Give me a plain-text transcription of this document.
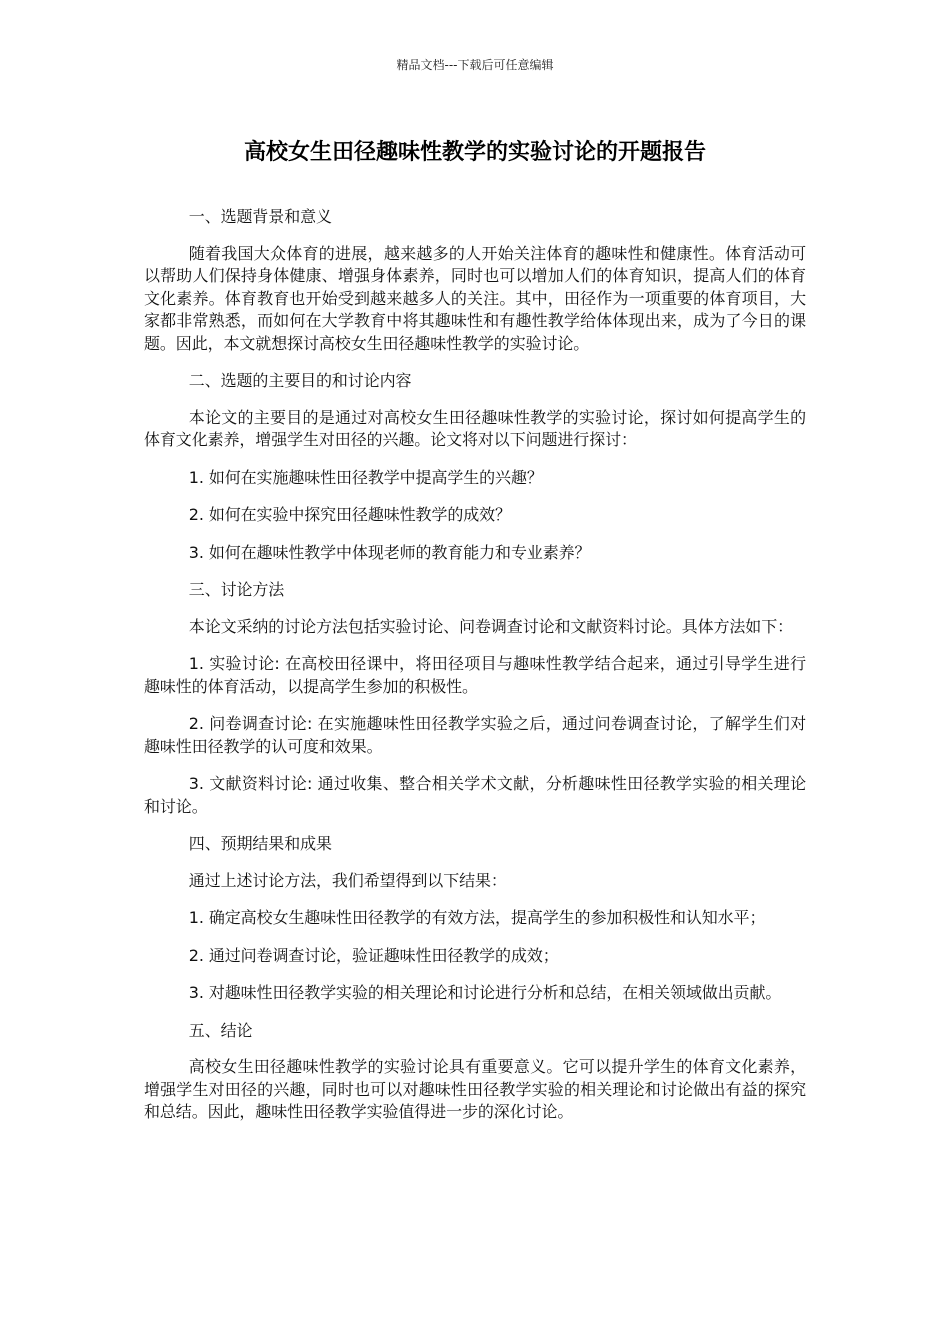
精品文档---下载后可任意编辑
高校女生田径趣味性教学的实验讨论的开题报告

一、选题背景和意义

随着我国大众体育的进展，越来越多的人开始关注体育的趣味性和健康性。体育活动可以帮助人们保持身体健康、增强身体素养，同时也可以增加人们的体育知识，提高人们的体育文化素养。体育教育也开始受到越来越多人的关注。其中，田径作为一项重要的体育项目，大家都非常熟悉，而如何在大学教育中将其趣味性和有趣性教学给体体现出来，成为了今日的课题。因此，本文就想探讨高校女生田径趣味性教学的实验讨论。

二、选题的主要目的和讨论内容

本论文的主要目的是通过对高校女生田径趣味性教学的实验讨论，探讨如何提高学生的体育文化素养，增强学生对田径的兴趣。论文将对以下问题进行探讨：

1. 如何在实施趣味性田径教学中提高学生的兴趣？

2. 如何在实验中探究田径趣味性教学的成效？

3. 如何在趣味性教学中体现老师的教育能力和专业素养？

三、讨论方法

本论文采纳的讨论方法包括实验讨论、问卷调查讨论和文献资料讨论。具体方法如下：

1. 实验讨论: 在高校田径课中，将田径项目与趣味性教学结合起来，通过引导学生进行趣味性的体育活动，以提高学生参加的积极性。

2. 问卷调查讨论: 在实施趣味性田径教学实验之后，通过问卷调查讨论，了解学生们对趣味性田径教学的认可度和效果。

3. 文献资料讨论: 通过收集、整合相关学术文献，分析趣味性田径教学实验的相关理论和讨论。

四、预期结果和成果

通过上述讨论方法，我们希望得到以下结果：

1. 确定高校女生趣味性田径教学的有效方法，提高学生的参加积极性和认知水平；

2. 通过问卷调查讨论，验证趣味性田径教学的成效；

3. 对趣味性田径教学实验的相关理论和讨论进行分析和总结，在相关领域做出贡献。

五、结论

高校女生田径趣味性教学的实验讨论具有重要意义。它可以提升学生的体育文化素养，增强学生对田径的兴趣，同时也可以对趣味性田径教学实验的相关理论和讨论做出有益的探究和总结。因此，趣味性田径教学实验值得进一步的深化讨论。
